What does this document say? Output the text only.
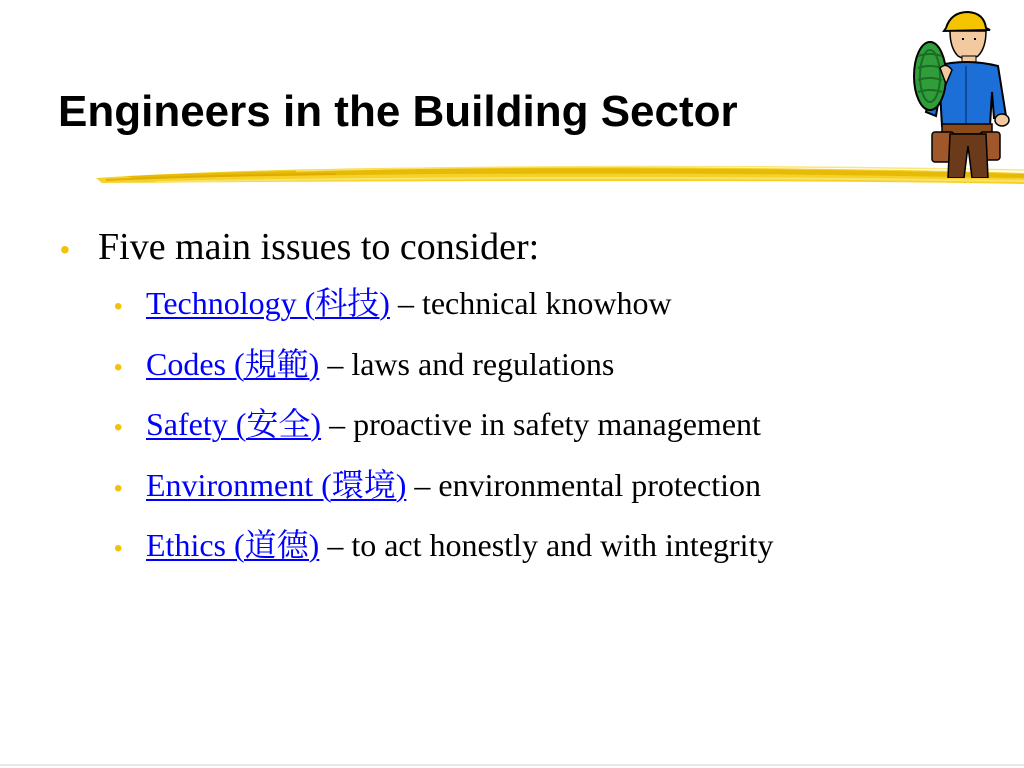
Engineers in the Building Sector
• Five main issues to consider:
• Technology (科技) – technical knowhow
• Codes (規範) – laws and regulations
• Safety (安全) – proactive in safety management
• Environment (環境) – environmental protection
• Ethics (道德) – to act honestly and with integrity
